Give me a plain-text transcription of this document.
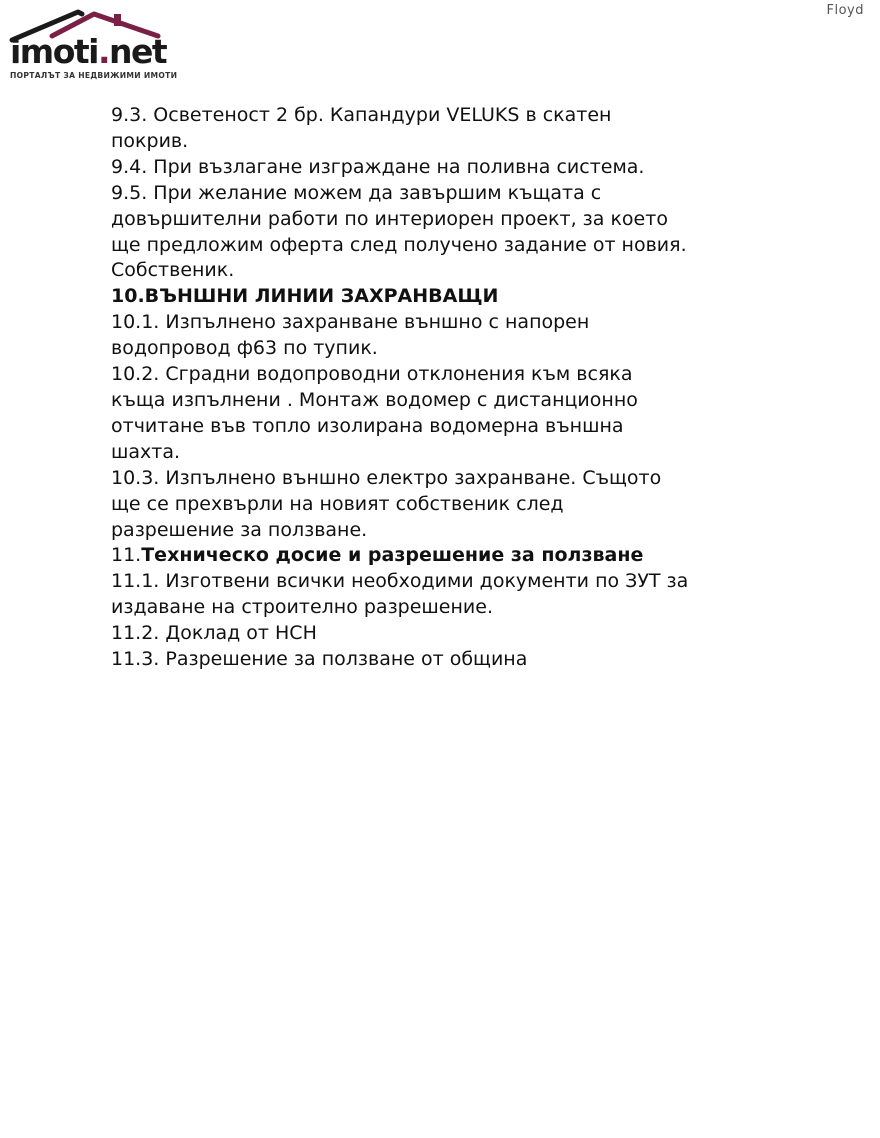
imoti.net
ПОРТАЛЪТ ЗА НЕДВИЖИМИ ИМОТИ
Floyd
9.3. Осветеност 2 бр. Капандури VELUKS в скатен
покрив.
9.4. При възлагане изграждане на поливна система.
9.5. При желание можем да завършим къщата с
довършителни работи по интериорен проект, за което
ще предложим оферта след получено задание от новия.
Собственик.
10.ВЪНШНИ ЛИНИИ ЗАХРАНВАЩИ
10.1. Изпълнено захранване външно с напорен
водопровод ф63 по тупик.
10.2. Сградни водопроводни отклонения към всяка
къща изпълнени . Монтаж водомер с дистанционно
отчитане във топло изолирана водомерна външна
шахта.
10.3. Изпълнено външно електро захранване. Същото
ще се прехвърли на новият собственик след
разрешение за ползване.
11.Техническо досие и разрешение за ползване
11.1. Изготвени всички необходими документи по ЗУТ за
издаване на строително разрешение.
11.2. Доклад от НСН
11.3. Разрешение за ползване от община
